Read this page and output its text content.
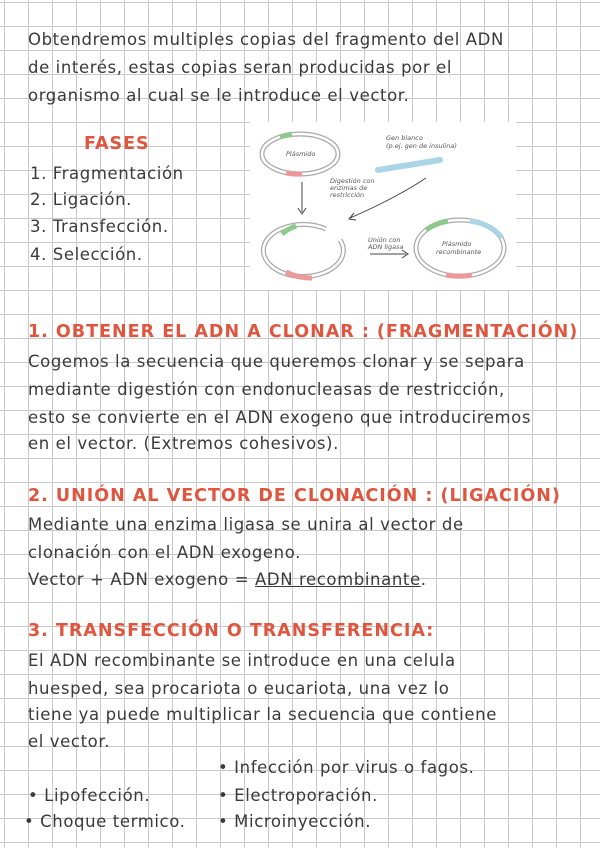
Obtendremos multiples copias del fragmento del ADN
de interés, estas copias seran producidas por el
organismo al cual se le introduce el vector.
FASES
1. Fragmentación
2. Ligación.
3. Transfección.
4. Selección.
Plásmido
Gen blanco
(p.ej. gen de insulina)
Digestión con
enzimas de
restricción
Unión con
ADN ligasa	Plásmido
recombinante
1. OBTENER EL ADN A CLONAR : (FRAGMENTACIÓN)
Cogemos la secuencia que queremos clonar y se separa
mediante digestión con endonucleasas de restricción,
esto se convierte en el ADN exogeno que introduciremos
en el vector. (Extremos cohesivos).
2. UNIÓN AL VECTOR DE CLONACIÓN : (LIGACIÓN)
Mediante una enzima ligasa se unira al vector de
clonación con el ADN exogeno.
Vector + ADN exogeno = ADN recombinante.
3. TRANSFECCIÓN O TRANSFERENCIA:
El ADN recombinante se introduce en una celula
huesped, sea procariota o eucariota, una vez lo
tiene ya puede multiplicar la secuencia que contiene
el vector.
• Infección por virus o fagos.
• Lipofección.	• Electroporación.
• Choque termico. • Microinyección.
